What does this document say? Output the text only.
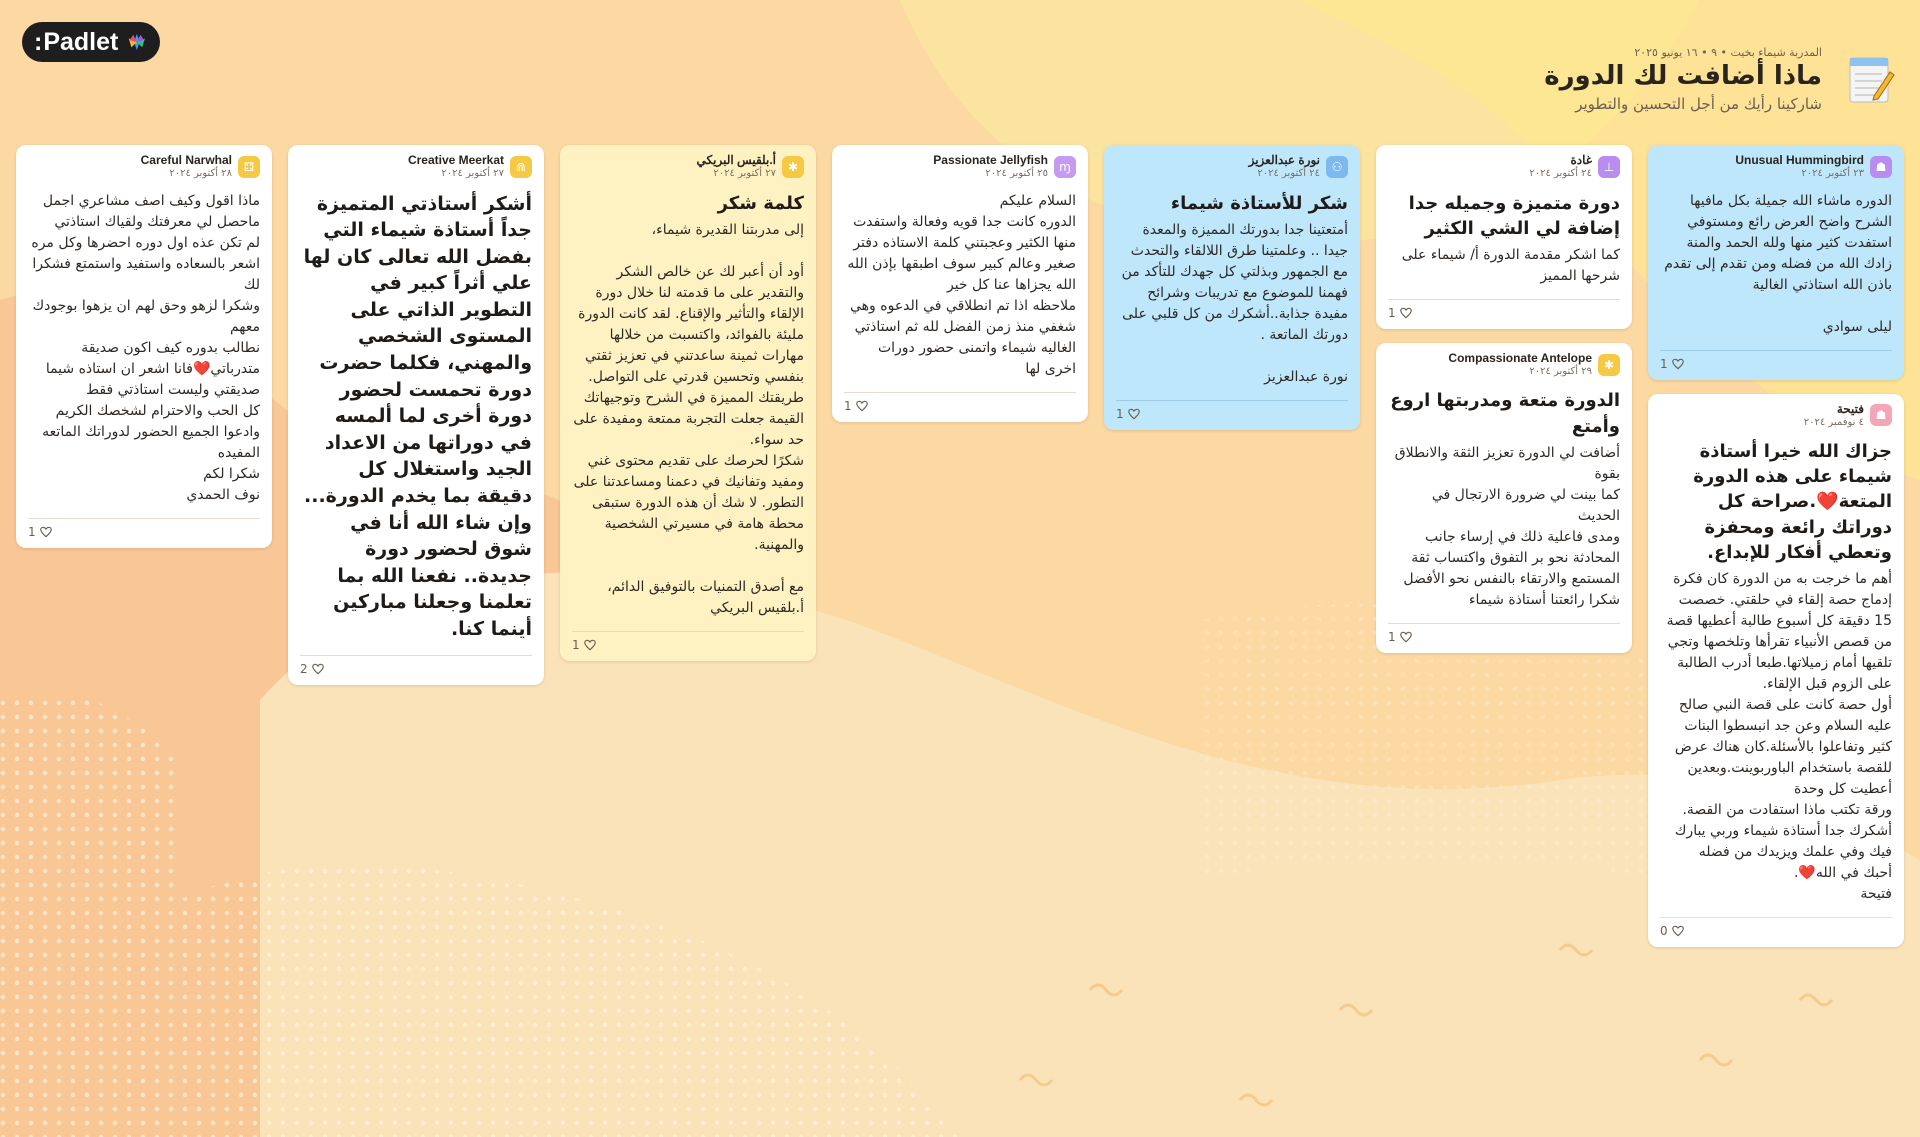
: Padlet	المدربة شيماء بخيت • ٩ • ١٦ يونيو ٢٠٢٥
ماذا أضافت لك الدورة
شاركينا رأيك من أجل التحسين والتطوير
☗
Unusual Hummingbird
٢٣ أكتوبر ٢٠٢٤
الدوره ماشاء الله جميلة بكل مافيها الشرح واضح العرض رائع ومستوفي استفدت كثير منها ولله الحمد والمنة
زادك الله من فضله ومن تقدم إلى تقدم باذن الله استاذتي الغالية

ليلى سوادي
1
☗
فتيحة
٤ نوفمبر ٢٠٢٤
جزاك الله خيرا أستاذة شيماء على هذه الدورة المتعة❤️.صراحة كل دوراتك رائعة ومحفزة وتعطي أفكار للإبداع.
أهم ما خرجت به من الدورة كان فكرة إدماج حصة إلقاء في حلقتي. خصصت 15 دقيقة كل أسبوع طالبة أعطيها قصة من قصص الأنبياء تقرأها وتلخصها وتجي تلقيها أمام زميلاتها.طبعا أدرب الطالبة على الزوم قبل الإلقاء.
أول حصة كانت على قصة النبي صالح عليه السلام وعن جد انبسطوا البنات كثير وتفاعلوا بالأسئلة.كان هناك عرض للقصة باستخدام الباوربوينت.وبعدين أعطيت كل وحدة
ورقة تكتب ماذا استفادت من القصة.
أشكرك جدا أستاذة شيماء وربي يبارك فيك وفي علمك ويزيدك من فضله
أحبك في الله❤️.
فتيحة
0
⊥
غادة
٢٤ أكتوبر ٢٠٢٤
دورة متميزة وجميله جدا إضافة لي الشي الكثير
كما اشكر مقدمة الدورة أ/ شيماء على شرحها المميز
1
✱
Compassionate Antelope
٢٩ أكتوبر ٢٠٢٤
الدورة متعة ومدربتها اروع وأمتع
أضافت لي الدورة تعزيز الثقة والانطلاق بقوة
كما بينت لي ضرورة الارتجال في الحديث
ومدى فاعلية ذلك في إرساء جانب المحادثة نحو بر التفوق واكتساب ثقة المستمع والارتقاء بالنفس نحو الأفضل
شكرا رائعتنا أستاذة شيماء
1
⚇
نورة عبدالعزيز
٢٤ أكتوبر ٢٠٢٤
شكر للأستاذة شيماء
أمتعتينا جدا بدورتك المميزة والمعدة جيدا .. وعلمتينا طرق اللالقاء والتحدث مع الجمهور وبذلتي كل جهدك للتأكد من فهمنا للموضوع مع تدريبات وشرائح مفيدة جذابة..أشكرك من كل قلبي على دورتك الماتعة .

نورة عبدالعزيز
1
ɱ
Passionate Jellyfish
٢٥ أكتوبر ٢٠٢٤
السلام عليكم
الدوره كانت جدا قويه وفعالة واستفدت منها الكثير وعجبتني كلمة الاستاذه دفتر صغير وعالم كبير سوف اطبقها بإذن الله الله يجزاها عنا كل خير
ملاحظه اذا تم انطلاقي في الدعوه وهي شغفي منذ زمن الفضل لله ثم استاذتي الغاليه شيماء واتمنى حضور دورات اخرى لها
1
✱
أ.بلقيس البريكي
٢٧ أكتوبر ٢٠٢٤
كلمة شكر
إلى مدربتنا القديرة شيماء،

أود أن أعبر لك عن خالص الشكر والتقدير على ما قدمته لنا خلال دورة الإلقاء والتأثير والإقناع. لقد كانت الدورة مليئة بالفوائد، واكتسبت من خلالها مهارات ثمينة ساعدتني في تعزيز ثقتي بنفسي وتحسين قدرتي على التواصل.
طريقتك المميزة في الشرح وتوجيهاتك القيمة جعلت التجربة ممتعة ومفيدة على حد سواء.
شكرًا لحرصك على تقديم محتوى غني ومفيد وتفانيك في دعمنا ومساعدتنا على التطور. لا شك أن هذه الدورة ستبقى محطة هامة في مسيرتي الشخصية والمهنية.

مع أصدق التمنيات بالتوفيق الدائم،
أ.بلقيس البريكي

1
⋒
Creative Meerkat
٢٧ أكتوبر ٢٠٢٤
أشكر أستاذتي المتميزة جداً أستاذة شيماء التي بفضل الله تعالى كان لها علي أثراً كبير في التطوير الذاتي على المستوى الشخصي والمهني، فكلما حضرت دورة تحمست لحضور دورة أخرى لما ألمسه في دوراتها من الاعداد الجيد واستغلال كل دقيقة بما يخدم الدورة... وإن شاء الله أنا في شوق لحضور دورة جديدة.. نفعنا الله بما تعلمنا وجعلنا مباركين أينما كنا.
2
⚃
Careful Narwhal
٢٨ أكتوبر ٢٠٢٤
ماذا اقول وكيف اصف مشاعري اجمل ماحصل لي معرفتك ولقياك استاذتي
لم تكن عذه اول دوره احضرها وكل مره اشعر بالسعاده واستفيد واستمتع فشكرا لك
وشكرا لزهو وحق لهم ان يزهوا بوجودك معهم
نطالب بدوره كيف اكون صديقة متدرباتي❤️فانا اشعر ان استاذه شيما صديقتي وليست استاذتي فقط
كل الحب والاحترام لشخصك الكريم وادعوا الجميع الحضور لدوراتك الماتعه المفيده
شكرا لكم
نوف الحمدي
1
